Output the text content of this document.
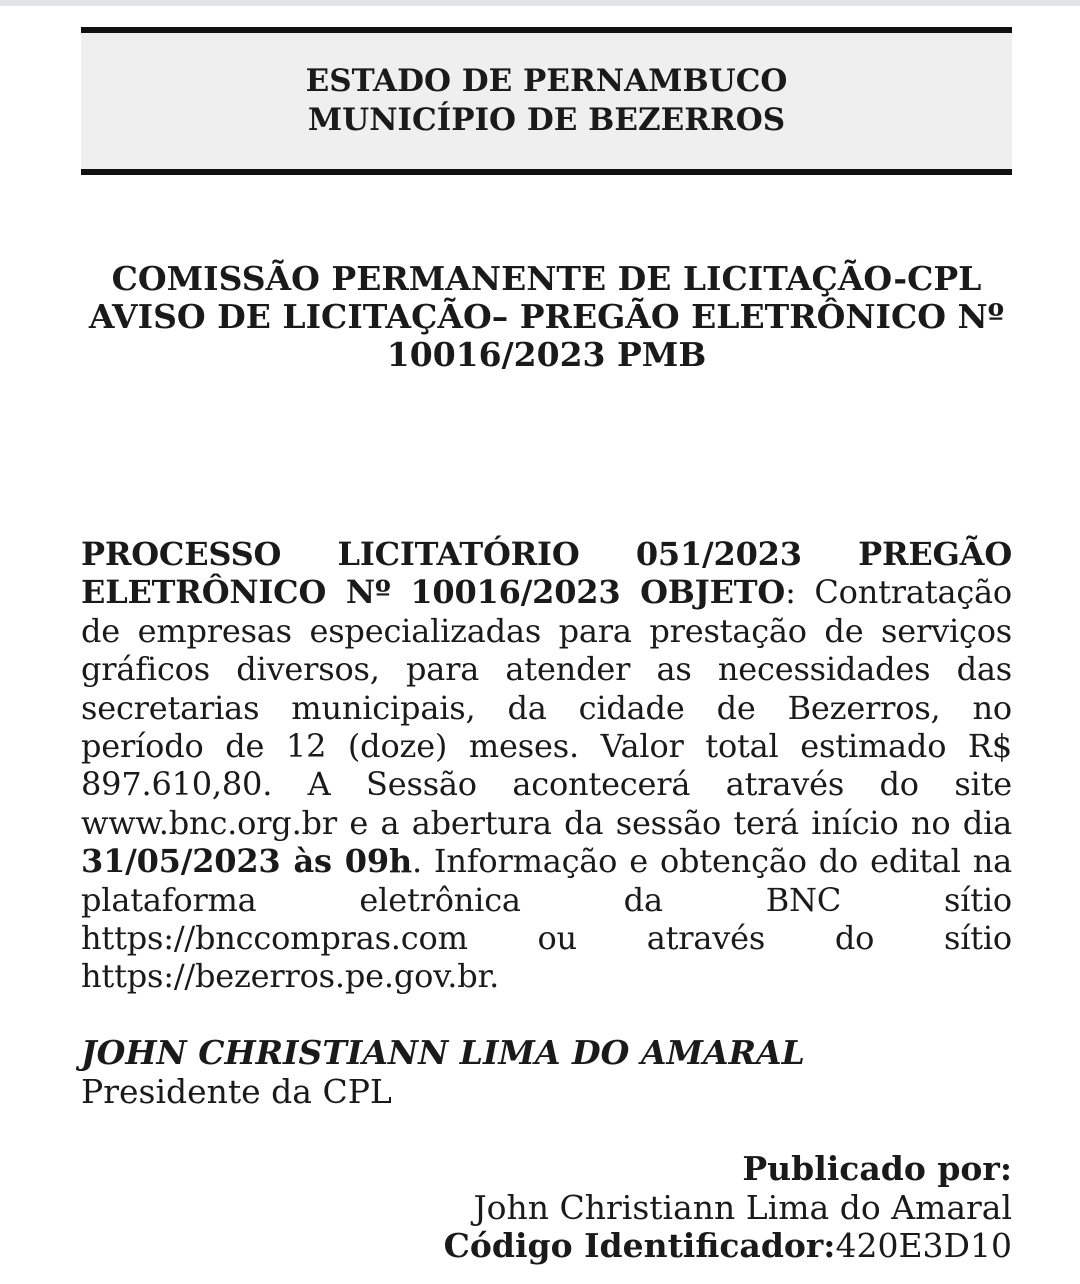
ESTADO DE PERNAMBUCO
MUNICÍPIO DE BEZERROS
COMISSÃO PERMANENTE DE LICITAÇÃO-CPL
AVISO DE LICITAÇÃO– PREGÃO ELETRÔNICO Nº
10016/2023 PMB
PROCESSO LICITATÓRIO 051/2023 PREGÃO ELETRÔNICO Nº 10016/2023 OBJETO: Contratação de empresas especializadas para prestação de serviços gráficos diversos, para atender as necessidades das secretarias municipais, da cidade de Bezerros, no período de 12 (doze) meses. Valor total estimado R$ 897.610,80. A Sessão acontecerá através do site www.bnc.org.br e a abertura da sessão terá início no dia 31/05/2023 às 09h. Informação e obtenção do edital na plataforma eletrônica da BNC sítio https://bnccompras.com ou através do sítio https://bezerros.pe.gov.br.
JOHN CHRISTIANN LIMA DO AMARAL
Presidente da CPL
Publicado por:
John Christiann Lima do Amaral
Código Identificador:420E3D10
